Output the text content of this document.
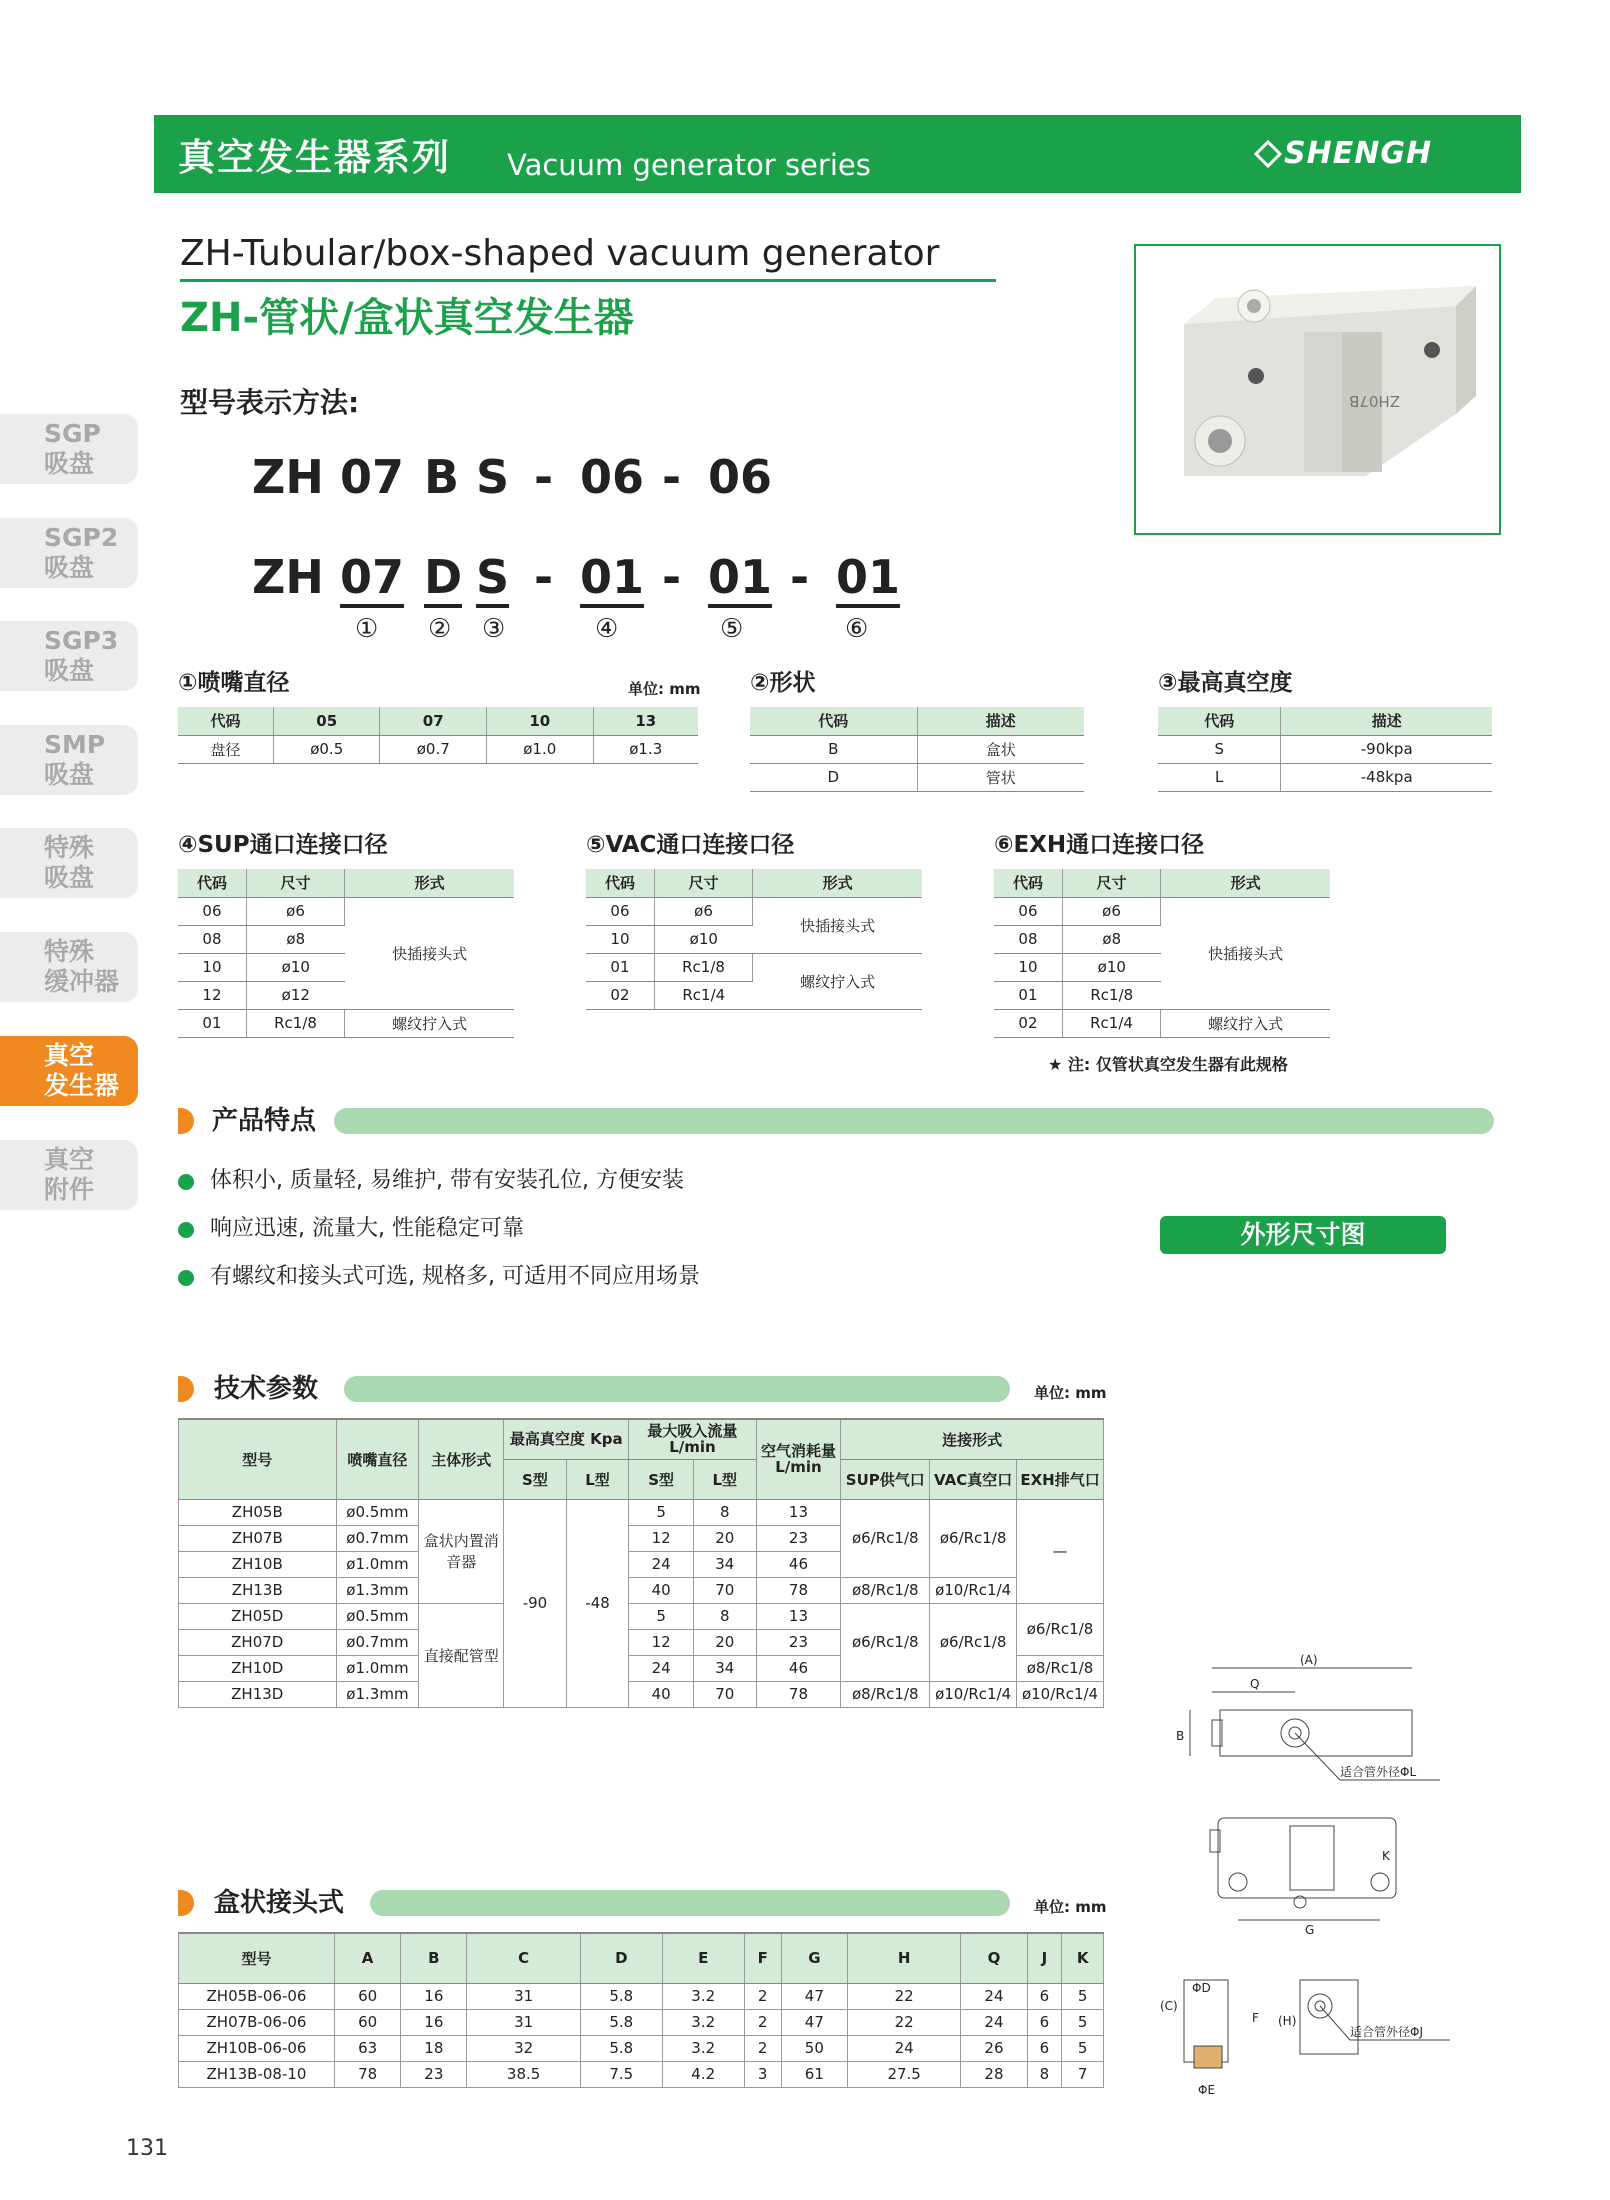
真空发生器系列 Vacuum generator series	SHENGH
ZH-Tubular/box-shaped vacuum generator
ZH-管状/盒状真空发生器
型号表示方法:	ZH07B
ZH 07 B S - 06 - 06
ZH 07 D S - 01 - 01 - 01
① ② ③	④	⑤	⑥
SGP
吸盘
SGP2
吸盘
SGP3
吸盘
SMP
吸盘
特殊
吸盘
特殊
缓冲器
真空
发生器
真空
附件
①喷嘴直径	单位: mm
代码	05	07	10	13
盘径	ø0.5	ø0.7	ø1.0	ø1.3
②形状
代码	描述
B	盒状
D	管状
③最高真空度
代码	描述
S	-90kpa
L	-48kpa
④SUP通口连接口径
代码	尺寸	形式
06	ø6	快插接头式
08	ø8	
10	ø10	
12	ø12	
01	Rc1/8	螺纹拧入式
⑤VAC通口连接口径
代码	尺寸	形式
06	ø6	快插接头式
10	ø10	
01	Rc1/8	螺纹拧入式
02	Rc1/4	
⑥EXH通口连接口径
代码	尺寸	形式
06	ø6	快插接头式
08	ø8	
10	ø10	
01	Rc1/8	
02	Rc1/4	螺纹拧入式
★ 注: 仅管状真空发生器有此规格
产品特点
体积小, 质量轻, 易维护, 带有安装孔位, 方便安装
响应迅速, 流量大, 性能稳定可靠
有螺纹和接头式可选, 规格多, 可适用不同应用场景
外形尺寸图
技术参数	单位: mm
型号	喷嘴直径	主体形式	最高真空度 Kpa		最大吸入流量 L/min		空气消耗量 L/min	连接形式		
			S型	L型	S型	L型		SUP供气口	VAC真空口	EXH排气口
ZH05B	ø0.5mm	盒状内置消音器	-90	-48	5	8	13	ø6/Rc1/8	ø6/Rc1/8	—
ZH07B	ø0.7mm				12	20	23			
ZH10B	ø1.0mm				24	34	46			
ZH13B	ø1.3mm				40	70	78	ø8/Rc1/8	ø10/Rc1/4	
ZH05D	ø0.5mm	直接配管型			5	8	13	ø6/Rc1/8	ø6/Rc1/8	ø6/Rc1/8
ZH07D	ø0.7mm				12	20	23			
ZH10D	ø1.0mm				24	34	46			ø8/Rc1/8
ZH13D	ø1.3mm				40	70	78	ø8/Rc1/8	ø10/Rc1/4	ø10/Rc1/4
盒状接头式	单位: mm
型号	A	B	C	D	E	F	G	H	Q	J	K
ZH05B-06-06	60	16	31	5.8	3.2	2	47	22	24	6	5
ZH07B-06-06	60	16	31	5.8	3.2	2	47	22	24	6	5
ZH10B-06-06	63	18	32	5.8	3.2	2	50	24	26	6	5
ZH13B-08-10	78	23	38.5	7.5	4.2	3	61	27.5	28	8	7
(A)
Q
B
适合管外径ΦL
G
K
(C)
ΦD
F
ΦE
(H)
适合管外径ΦJ
131
